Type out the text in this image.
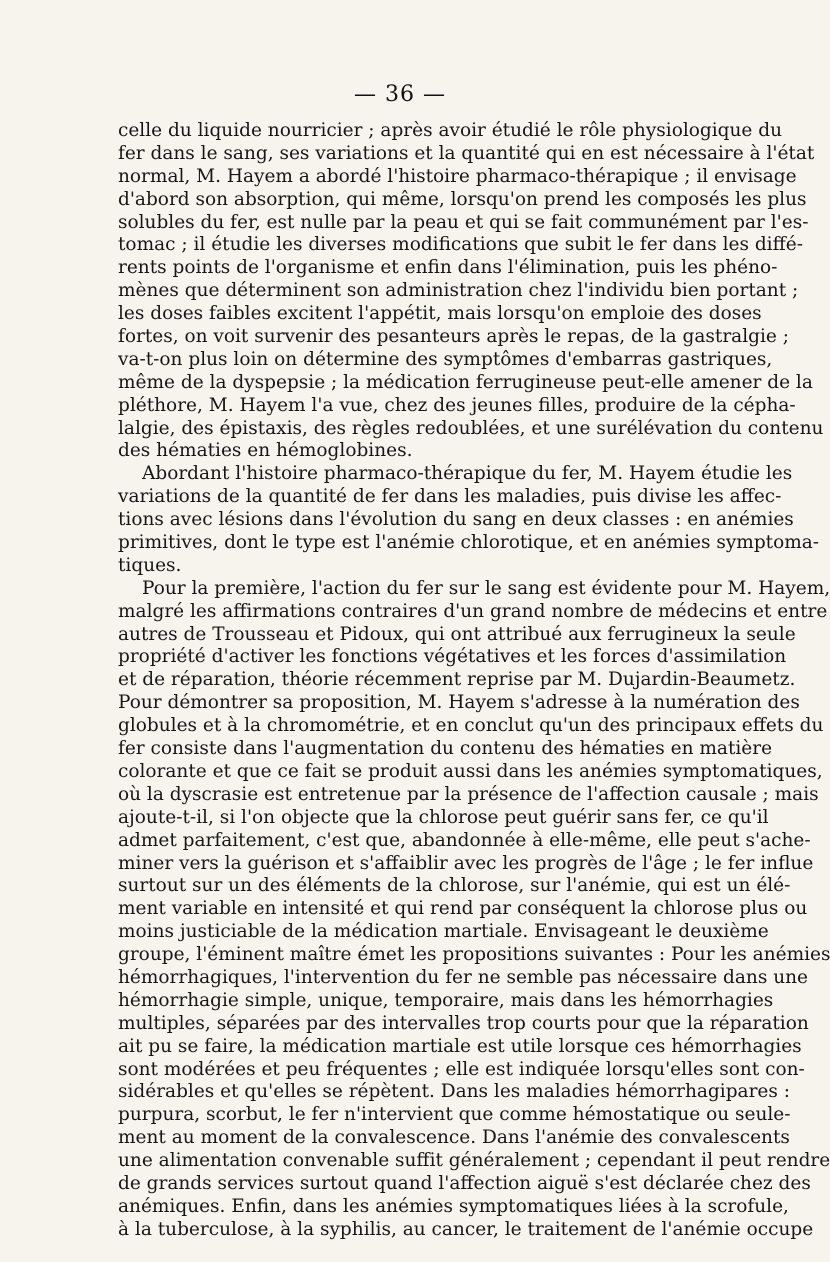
— 36 —
celle du liquide nourricier ; après avoir étudié le rôle physiologique du
fer dans le sang, ses variations et la quantité qui en est nécessaire à l'état
normal, M. Hayem a abordé l'histoire pharmaco-thérapique ; il envisage
d'abord son absorption, qui même, lorsqu'on prend les composés les plus
solubles du fer, est nulle par la peau et qui se fait communément par l'es-
tomac ; il étudie les diverses modifications que subit le fer dans les diffé-
rents points de l'organisme et enfin dans l'élimination, puis les phéno-
mènes que déterminent son administration chez l'individu bien portant ;
les doses faibles excitent l'appétit, mais lorsqu'on emploie des doses
fortes, on voit survenir des pesanteurs après le repas, de la gastralgie ;
va-t-on plus loin on détermine des symptômes d'embarras gastriques,
même de la dyspepsie ; la médication ferrugineuse peut-elle amener de la
pléthore, M. Hayem l'a vue, chez des jeunes filles, produire de la cépha-
lalgie, des épistaxis, des règles redoublées, et une surélévation du contenu
des hématies en hémoglobines.
Abordant l'histoire pharmaco-thérapique du fer, M. Hayem étudie les
variations de la quantité de fer dans les maladies, puis divise les affec-
tions avec lésions dans l'évolution du sang en deux classes : en anémies
primitives, dont le type est l'anémie chlorotique, et en anémies symptoma-
tiques.
Pour la première, l'action du fer sur le sang est évidente pour M. Hayem,
malgré les affirmations contraires d'un grand nombre de médecins et entre
autres de Trousseau et Pidoux, qui ont attribué aux ferrugineux la seule
propriété d'activer les fonctions végétatives et les forces d'assimilation
et de réparation, théorie récemment reprise par M. Dujardin-Beaumetz.
Pour démontrer sa proposition, M. Hayem s'adresse à la numération des
globules et à la chromométrie, et en conclut qu'un des principaux effets du
fer consiste dans l'augmentation du contenu des hématies en matière
colorante et que ce fait se produit aussi dans les anémies symptomatiques,
où la dyscrasie est entretenue par la présence de l'affection causale ; mais
ajoute-t-il, si l'on objecte que la chlorose peut guérir sans fer, ce qu'il
admet parfaitement, c'est que, abandonnée à elle-même, elle peut s'ache-
miner vers la guérison et s'affaiblir avec les progrès de l'âge ; le fer influe
surtout sur un des éléments de la chlorose, sur l'anémie, qui est un élé-
ment variable en intensité et qui rend par conséquent la chlorose plus ou
moins justiciable de la médication martiale. Envisageant le deuxième
groupe, l'éminent maître émet les propositions suivantes : Pour les anémies
hémorrhagiques, l'intervention du fer ne semble pas nécessaire dans une
hémorrhagie simple, unique, temporaire, mais dans les hémorrhagies
multiples, séparées par des intervalles trop courts pour que la réparation
ait pu se faire, la médication martiale est utile lorsque ces hémorrhagies
sont modérées et peu fréquentes ; elle est indiquée lorsqu'elles sont con-
sidérables et qu'elles se répètent. Dans les maladies hémorrhagipares :
purpura, scorbut, le fer n'intervient que comme hémostatique ou seule-
ment au moment de la convalescence. Dans l'anémie des convalescents
une alimentation convenable suffit généralement ; cependant il peut rendre
de grands services surtout quand l'affection aiguë s'est déclarée chez des
anémiques. Enfin, dans les anémies symptomatiques liées à la scrofule,
à la tuberculose, à la syphilis, au cancer, le traitement de l'anémie occupe
